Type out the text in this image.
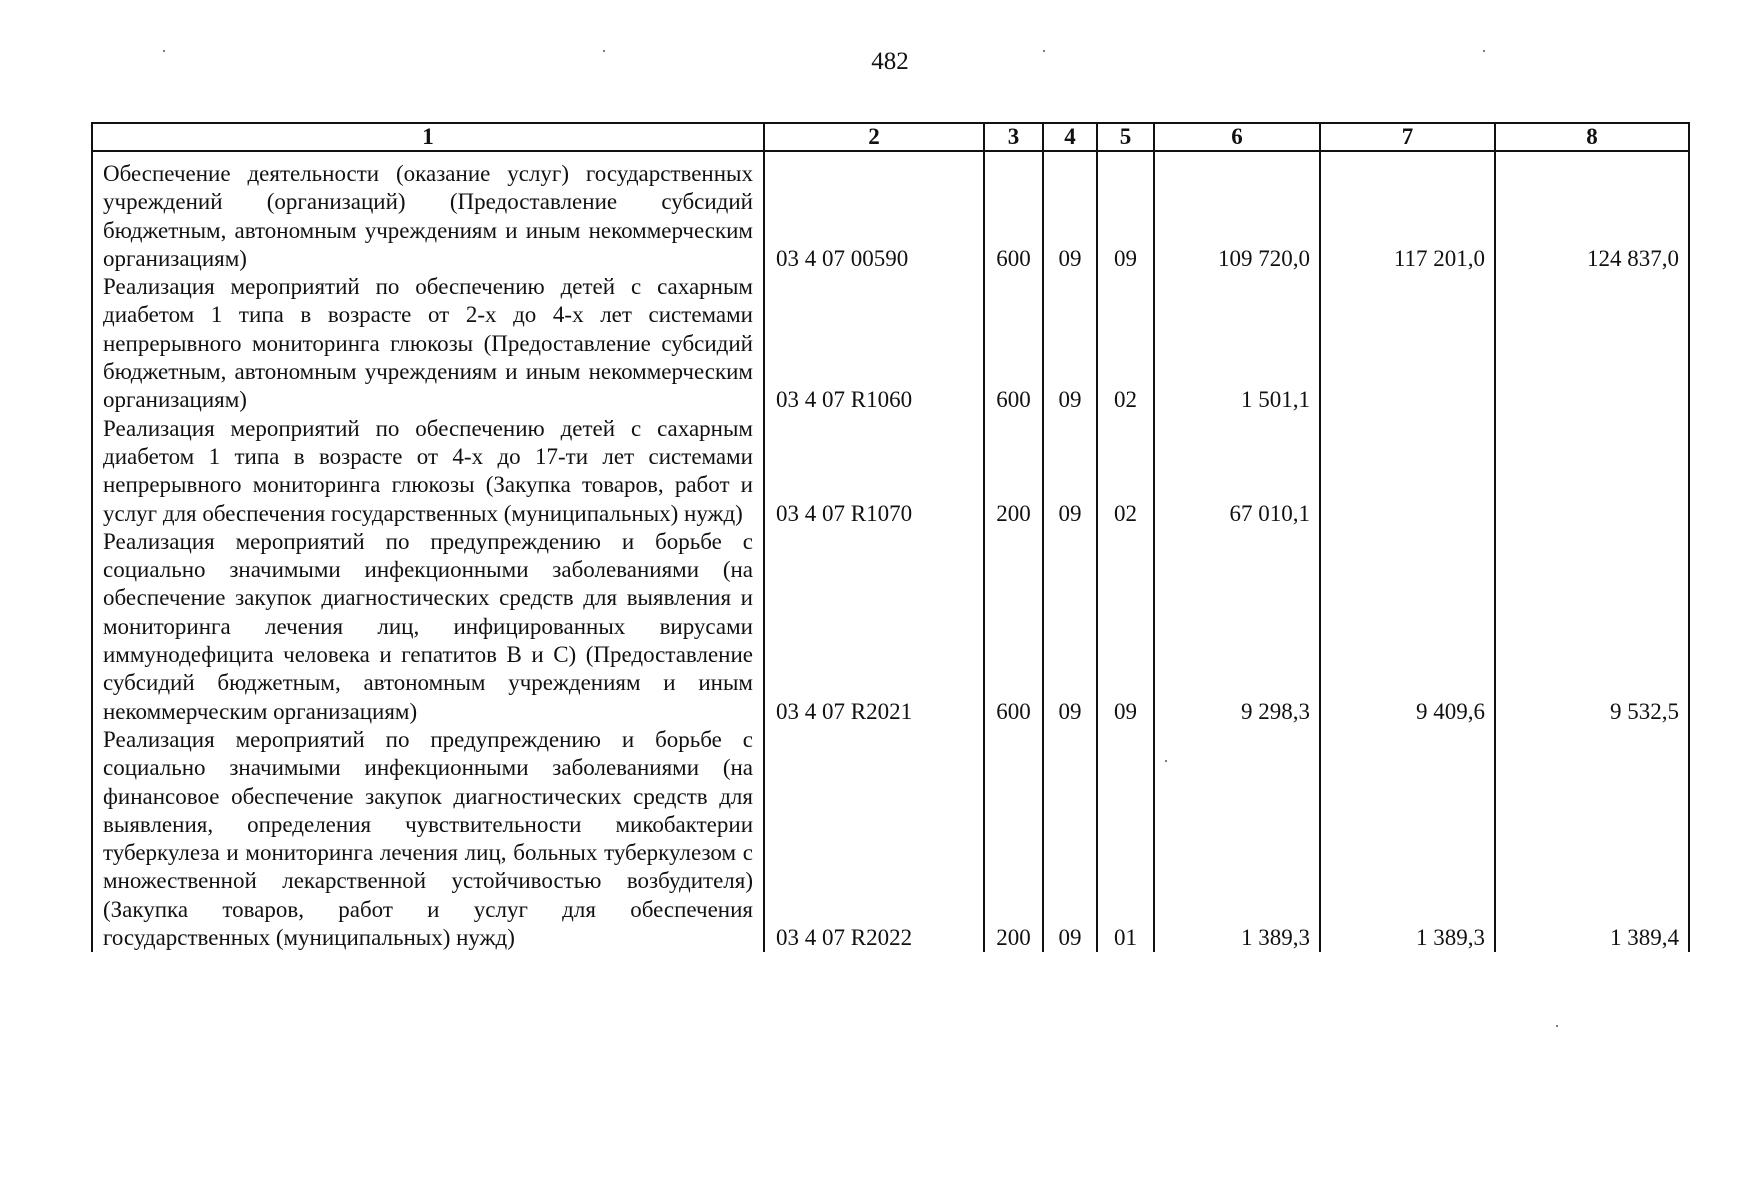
482
1	2	3	4	5	6	7	8
Обеспечение деятельности (оказание услуг) государственных учреждений (организаций) (Предоставление субсидий бюджетным, автономным учреждениям и иным некоммерческим организациям)	03 4 07 00590	600	09	09	109 720,0	117 201,0	124 837,0
Реализация мероприятий по обеспечению детей с сахарным диабетом 1 типа в возрасте от 2-х до 4-х лет системами непрерывного мониторинга глюкозы (Предоставление субсидий бюджетным, автономным учреждениям и иным некоммерческим организациям)	03 4 07 R1060	600	09	02	1 501,1		
Реализация мероприятий по обеспечению детей с сахарным диабетом 1 типа в возрасте от 4-х до 17-ти лет системами непрерывного мониторинга глюкозы (Закупка товаров, работ и услуг для обеспечения государственных (муниципальных) нужд)	03 4 07 R1070	200	09	02	67 010,1		
Реализация мероприятий по предупреждению и борьбе с социально значимыми инфекционными заболеваниями (на обеспечение закупок диагностических средств для выявления и мониторинга лечения лиц, инфицированных вирусами иммунодефицита человека и гепатитов В и С) (Предоставление субсидий бюджетным, автономным учреждениям и иным некоммерческим организациям)	03 4 07 R2021	600	09	09	9 298,3	9 409,6	9 532,5
Реализация мероприятий по предупреждению и борьбе с социально значимыми инфекционными заболеваниями (на финансовое обеспечение закупок диагностических средств для выявления, определения чувствительности микобактерии туберкулеза и мониторинга лечения лиц, больных туберкулезом с множественной лекарственной устойчивостью возбудителя) (Закупка товаров, работ и услуг для обеспечения государственных (муниципальных) нужд)	03 4 07 R2022	200	09	01	1 389,3	1 389,3	1 389,4
